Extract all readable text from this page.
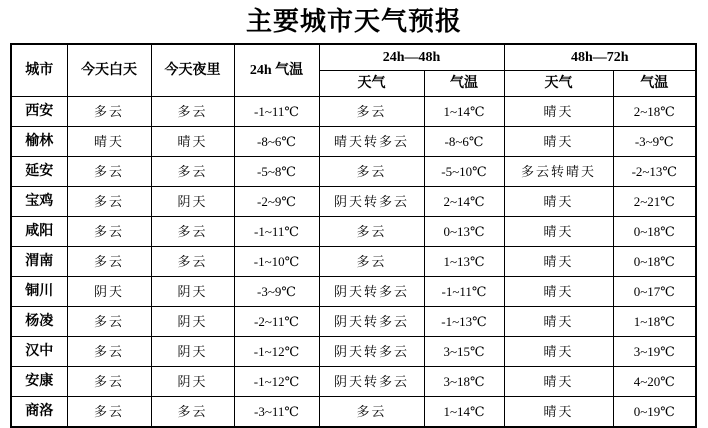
主要城市天气预报
城市	今天白天	今天夜里	24h 气温	24h—48h		48h—72h	
				天气	气温	天气	气温
西安	多云	多云	-1~11℃	多云	1~14℃	晴天	2~18℃
榆林	晴天	晴天	-8~6℃	晴天转多云	-8~6℃	晴天	-3~9℃
延安	多云	多云	-5~8℃	多云	-5~10℃	多云转晴天	-2~13℃
宝鸡	多云	阴天	-2~9℃	阴天转多云	2~14℃	晴天	2~21℃
咸阳	多云	多云	-1~11℃	多云	0~13℃	晴天	0~18℃
渭南	多云	多云	-1~10℃	多云	1~13℃	晴天	0~18℃
铜川	阴天	阴天	-3~9℃	阴天转多云	-1~11℃	晴天	0~17℃
杨凌	多云	阴天	-2~11℃	阴天转多云	-1~13℃	晴天	1~18℃
汉中	多云	阴天	-1~12℃	阴天转多云	3~15℃	晴天	3~19℃
安康	多云	阴天	-1~12℃	阴天转多云	3~18℃	晴天	4~20℃
商洛	多云	多云	-3~11℃	多云	1~14℃	晴天	0~19℃
